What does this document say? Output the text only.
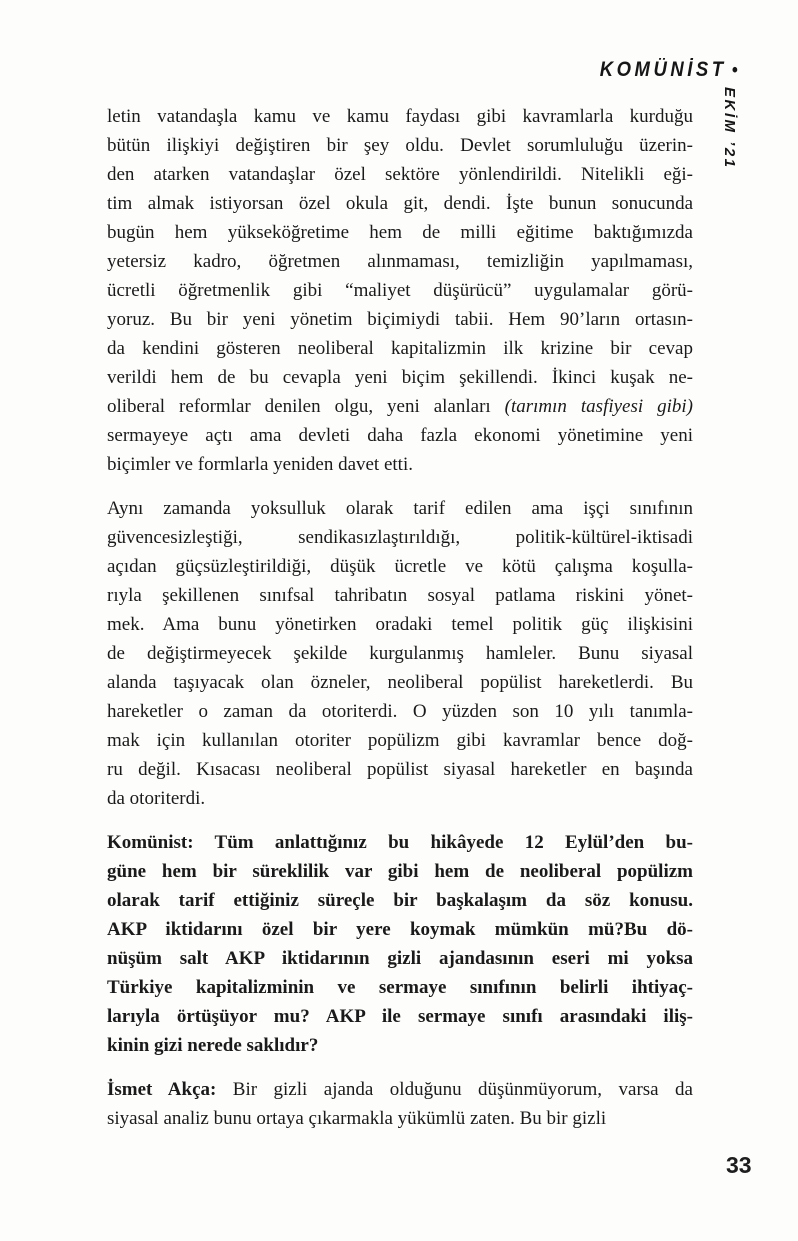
KOMÜNİST •
EKİM ’21
letin vatandaşla kamu ve kamu faydası gibi kavramlarla kurduğu
bütün ilişkiyi değiştiren bir şey oldu. Devlet sorumluluğu üzerin-
den atarken vatandaşlar özel sektöre yönlendirildi. Nitelikli eği-
tim almak istiyorsan özel okula git, dendi. İşte bunun sonucunda
bugün hem yükseköğretime hem de milli eğitime baktığımızda
yetersiz kadro, öğretmen alınmaması, temizliğin yapılmaması,
ücretli öğretmenlik gibi “maliyet düşürücü” uygulamalar görü-
yoruz. Bu bir yeni yönetim biçimiydi tabii. Hem 90’ların ortasın-
da kendini gösteren neoliberal kapitalizmin ilk krizine bir cevap
verildi hem de bu cevapla yeni biçim şekillendi. İkinci kuşak ne-
oliberal reformlar denilen olgu, yeni alanları (tarımın tasfiyesi gibi)
sermayeye açtı ama devleti daha fazla ekonomi yönetimine yeni
biçimler ve formlarla yeniden davet etti.
Aynı zamanda yoksulluk olarak tarif edilen ama işçi sınıfının
güvencesizleştiği, sendikasızlaştırıldığı, politik-kültürel-iktisadi
açıdan güçsüzleştirildiği, düşük ücretle ve kötü çalışma koşulla-
rıyla şekillenen sınıfsal tahribatın sosyal patlama riskini yönet-
mek. Ama bunu yönetirken oradaki temel politik güç ilişkisini
de değiştirmeyecek şekilde kurgulanmış hamleler. Bunu siyasal
alanda taşıyacak olan özneler, neoliberal popülist hareketlerdi. Bu
hareketler o zaman da otoriterdi. O yüzden son 10 yılı tanımla-
mak için kullanılan otoriter popülizm gibi kavramlar bence doğ-
ru değil. Kısacası neoliberal popülist siyasal hareketler en başında
da otoriterdi.
Komünist: Tüm anlattığınız bu hikâyede 12 Eylül’den bu-
güne hem bir süreklilik var gibi hem de neoliberal popülizm
olarak tarif ettiğiniz süreçle bir başkalaşım da söz konusu.
AKP iktidarını özel bir yere koymak mümkün mü?Bu dö-
nüşüm salt AKP iktidarının gizli ajandasının eseri mi yoksa
Türkiye kapitalizminin ve sermaye sınıfının belirli ihtiyaç-
larıyla örtüşüyor mu? AKP ile sermaye sınıfı arasındaki iliş-
kinin gizi nerede saklıdır?
İsmet Akça: Bir gizli ajanda olduğunu düşünmüyorum, varsa da
siyasal analiz bunu ortaya çıkarmakla yükümlü zaten. Bu bir gizli
33
